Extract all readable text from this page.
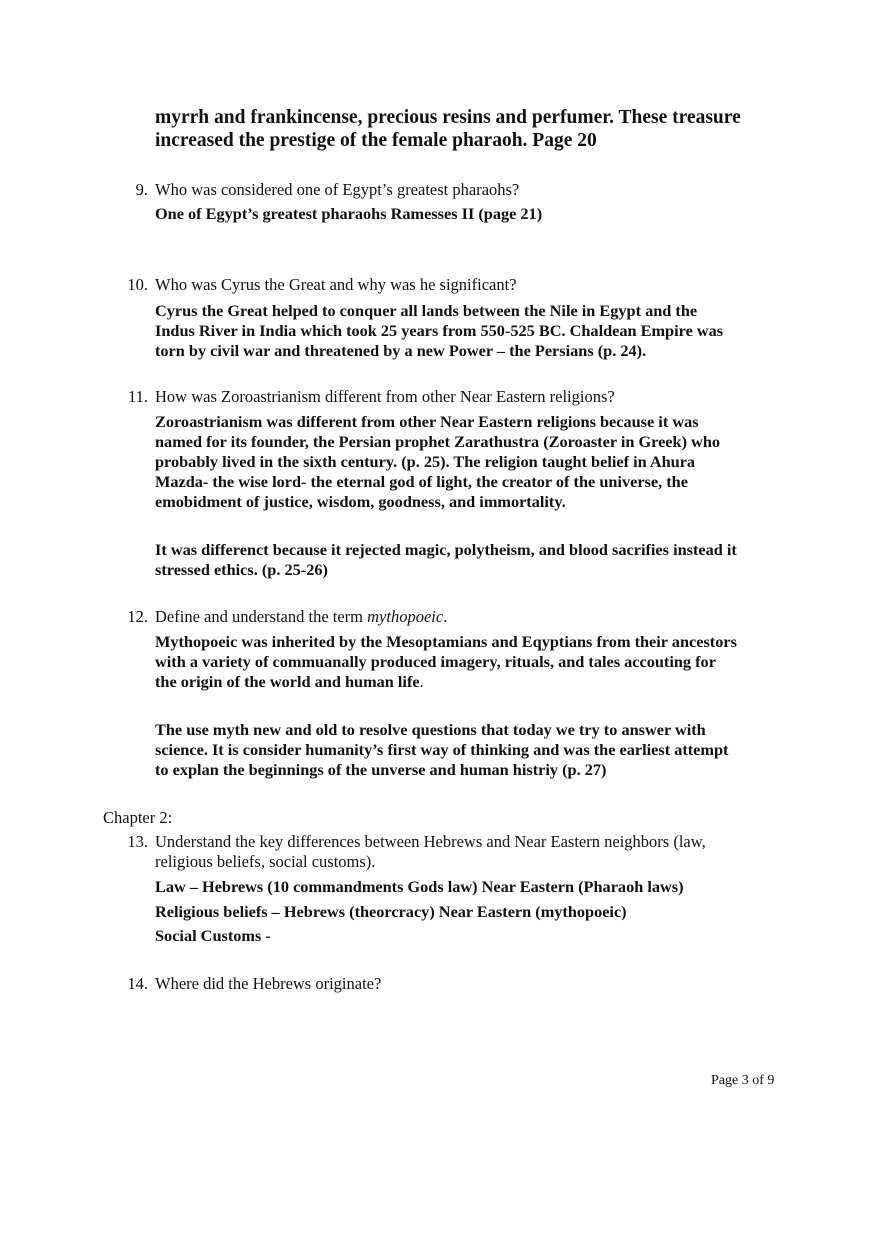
myrrh and frankincense, precious resins and perfumer. These treasure
increased the prestige of the female pharaoh. Page 20
9. Who was considered one of Egypt’s greatest pharaohs?
One of Egypt’s greatest pharaohs Ramesses II (page 21)
10. Who was Cyrus the Great and why was he significant?
Cyrus the Great helped to conquer all lands between the Nile in Egypt and the
Indus River in India which took 25 years from 550-525 BC. Chaldean Empire was
torn by civil war and threatened by a new Power – the Persians (p. 24).
11. How was Zoroastrianism different from other Near Eastern religions?
Zoroastrianism was different from other Near Eastern religions because it was
named for its founder, the Persian prophet Zarathustra (Zoroaster in Greek) who
probably lived in the sixth century. (p. 25). The religion taught belief in Ahura
Mazda- the wise lord- the eternal god of light, the creator of the universe, the
emobidment of justice, wisdom, goodness, and immortality.
It was differenct because it rejected magic, polytheism, and blood sacrifies instead it
stressed ethics. (p. 25-26)
12. Define and understand the term mythopoeic.
Mythopoeic was inherited by the Mesoptamians and Eqyptians from their ancestors
with a variety of commuanally produced imagery, rituals, and tales accouting for
the origin of the world and human life.
The use myth new and old to resolve questions that today we try to answer with
science. It is consider humanity’s first way of thinking and was the earliest attempt
to explan the beginnings of the unverse and human histriy (p. 27)
Chapter 2:
13. Understand the key differences between Hebrews and Near Eastern neighbors (law,
religious beliefs, social customs).
Law – Hebrews (10 commandments Gods law) Near Eastern (Pharaoh laws)
Religious beliefs – Hebrews (theorcracy) Near Eastern (mythopoeic)
Social Customs -
14. Where did the Hebrews originate?
Page 3 of 9
